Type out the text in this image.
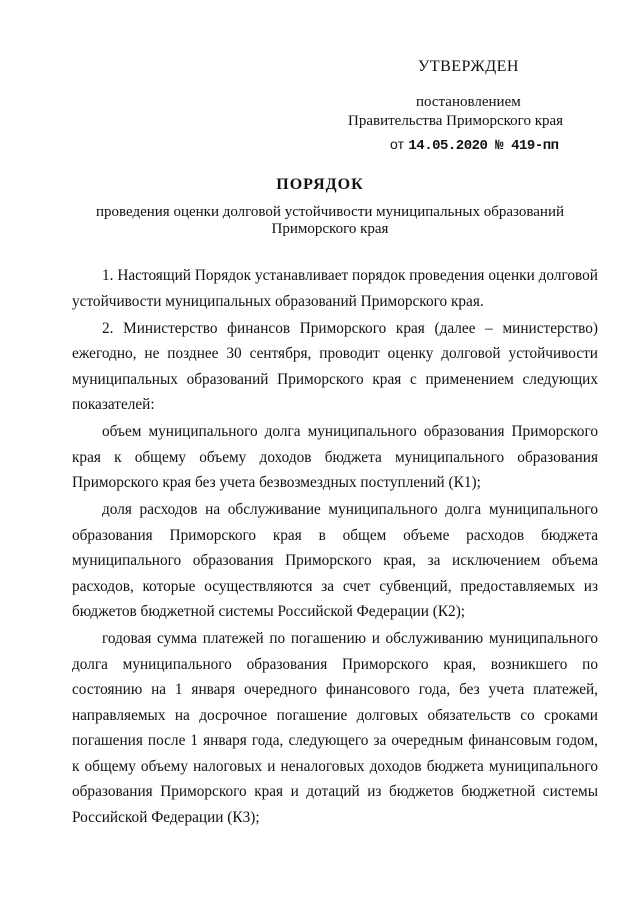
УТВЕРЖДЕН
постановлением
Правительства Приморского края
от 14.05.2020 № 419-пп
ПОРЯДОК
проведения оценки долговой устойчивости муниципальных образований
Приморского края

1. Настоящий Порядок устанавливает порядок проведения оценки долговой устойчивости муниципальных образований Приморского края.

2. Министерство финансов Приморского края (далее – министерство) ежегодно, не позднее 30 сентября, проводит оценку долговой устойчивости муниципальных образований Приморского края с применением следующих показателей:

объем муниципального долга муниципального образования Приморского края к общему объему доходов бюджета муниципального образования Приморского края без учета безвозмездных поступлений (К1);

доля расходов на обслуживание муниципального долга муниципального образования Приморского края в общем объеме расходов бюджета муниципального образования Приморского края, за исключением объема расходов, которые осуществляются за счет субвенций, предоставляемых из бюджетов бюджетной системы Российской Федерации (К2);

годовая сумма платежей по погашению и обслуживанию муниципального долга муниципального образования Приморского края, возникшего по состоянию на 1 января очередного финансового года, без учета платежей, направляемых на досрочное погашение долговых обязательств со сроками погашения после 1 января года, следующего за очередным финансовым годом, к общему объему налоговых и неналоговых доходов бюджета муниципального образования Приморского края и дотаций из бюджетов бюджетной системы Российской Федерации (К3);
